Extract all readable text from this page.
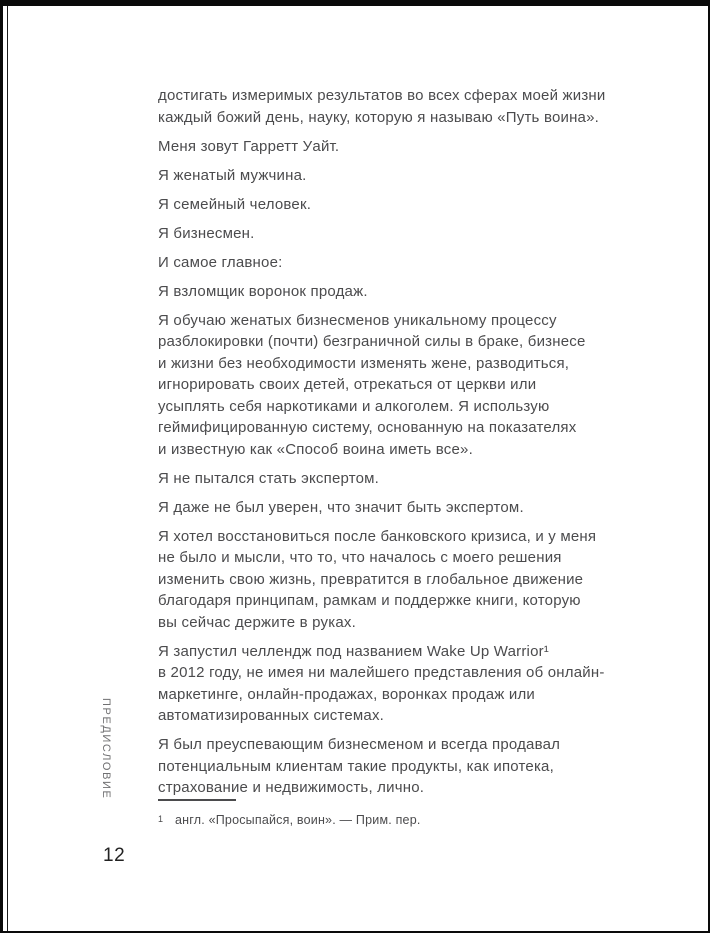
достигать измеримых результатов во всех сферах моей жизни
каждый божий день, науку, которую я называю «Путь воина».
Меня зовут Гарретт Уайт.
Я женатый мужчина.
Я семейный человек.
Я бизнесмен.
И самое главное:
Я взломщик воронок продаж.
Я обучаю женатых бизнесменов уникальному процессу
разблокировки (почти) безграничной силы в браке, бизнесе
и жизни без необходимости изменять жене, разводиться,
игнорировать своих детей, отрекаться от церкви или
усыплять себя наркотиками и алкоголем. Я использую
геймифицированную систему, основанную на показателях
и известную как «Способ воина иметь все».
Я не пытался стать экспертом.
Я даже не был уверен, что значит быть экспертом.
Я хотел восстановиться после банковского кризиса, и у меня
не было и мысли, что то, что началось с моего решения
изменить свою жизнь, превратится в глобальное движение
благодаря принципам, рамкам и поддержке книги, которую
вы сейчас держите в руках.
Я запустил челлендж под названием Wake Up Warrior¹
в 2012 году, не имея ни малейшего представления об онлайн-
маркетинге, онлайн-продажах, воронках продаж или
автоматизированных системах.
Я был преуспевающим бизнесменом и всегда продавал
потенциальным клиентам такие продукты, как ипотека,
страхование и недвижимость, лично.
1 англ. «Просыпайся, воин». — Прим. пер.
ПРЕДИСЛОВИЕ
12
